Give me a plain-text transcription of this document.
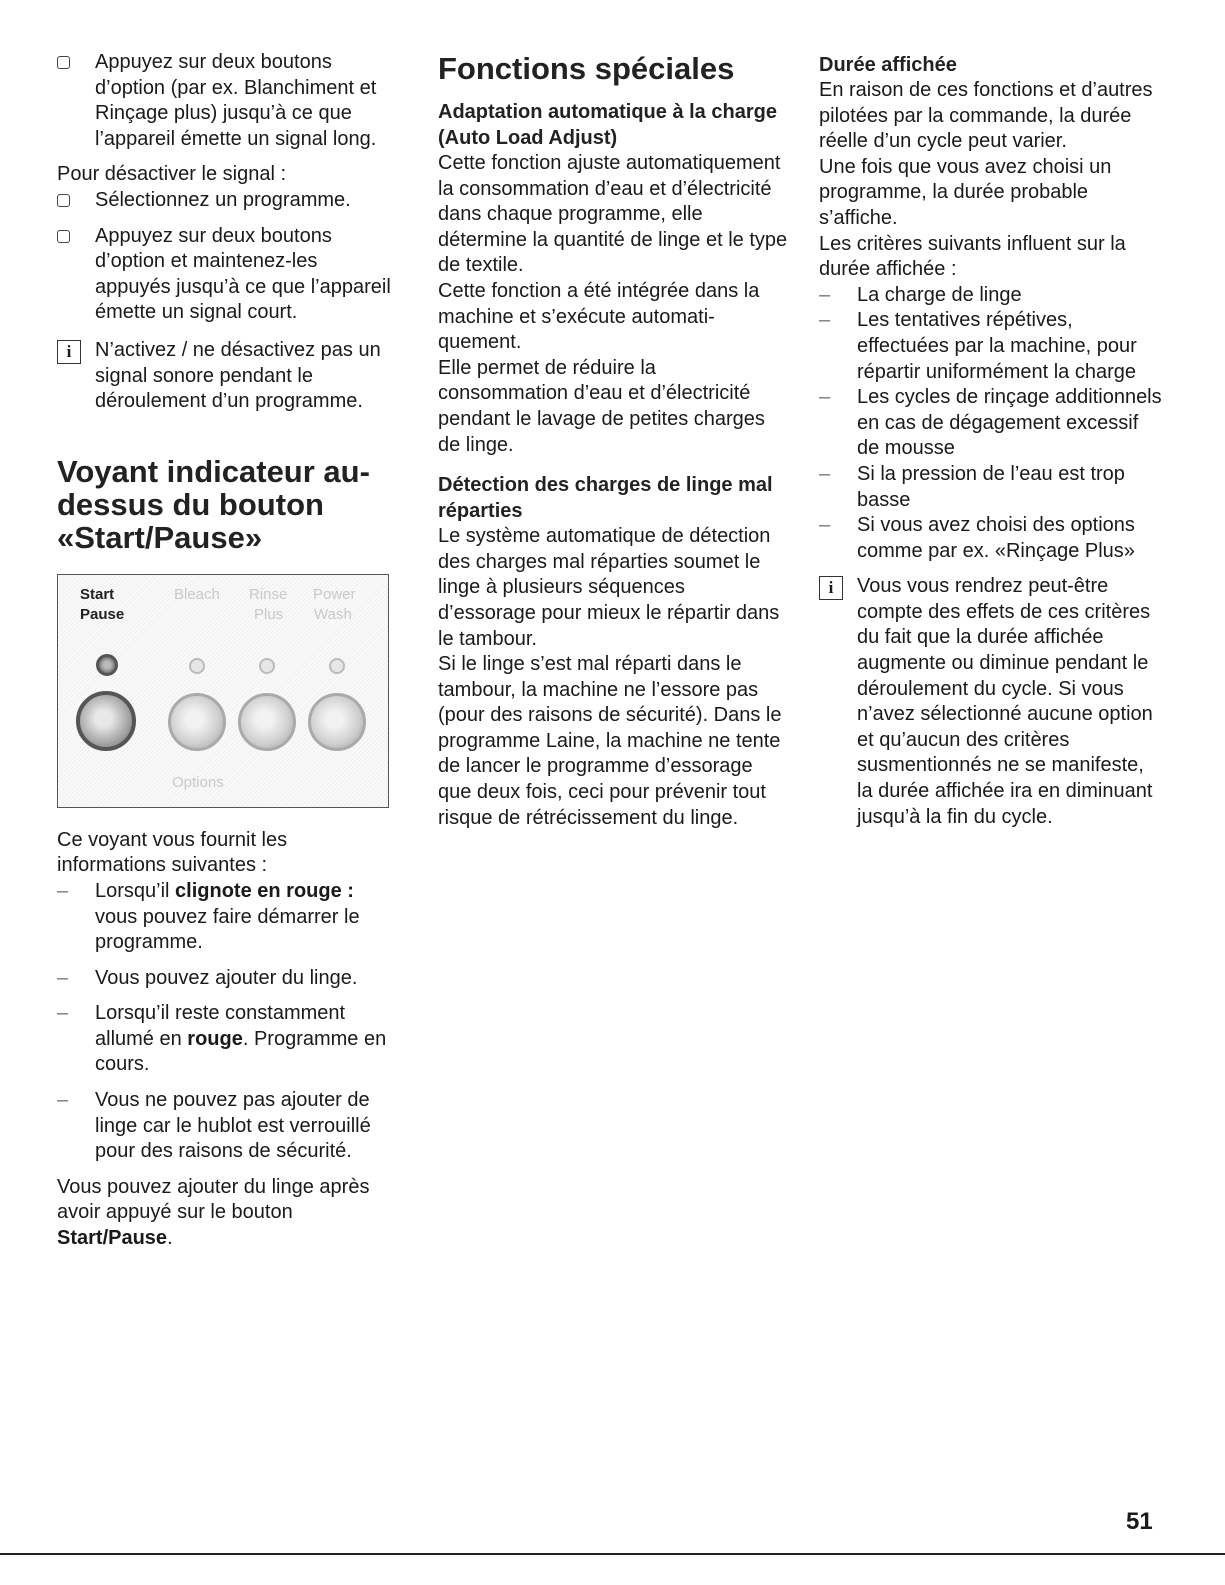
Appuyez sur deux boutons d’option (par ex. Blanchiment et Rinçage plus) jusqu’à ce que l’appareil émette un signal long.

Pour désactiver le signal :

Sélectionnez un programme.
Appuyez sur deux boutons d’option et maintenez-les appuyés jusqu’à ce que l’appareil émette un signal court.
i	N’activez / ne désactivez pas un signal sonore pendant le déroulement d’un programme.
Voyant indicateur au-dessus du bouton «Start/Pause»
Start
Pause
Bleach Rinse
Plus
Power
Wash
Options

Ce voyant vous fournit les informations suivantes :

– Lorsqu’il clignote en rouge : vous pouvez faire démarrer le programme.
– Vous pouvez ajouter du linge.
– Lorsqu’il reste constamment allumé en rouge. Programme en cours.
– Vous ne pouvez pas ajouter de linge car le hublot est verrouillé pour des raisons de sécurité.

Vous pouvez ajouter du linge après avoir appuyé sur le bouton Start/Pause.

Fonctions spéciales
Adaptation automatique à la charge (Auto Load Adjust)

Cette fonction ajuste automatiquement la consommation d’eau et d’électricité dans chaque programme, elle détermine la quantité de linge et le type de textile.

Cette fonction a été intégrée dans la machine et s’exécute automati- quement.

Elle permet de réduire la consommation d’eau et d’électricité pendant le lavage de petites charges de linge.

Détection des charges de linge mal réparties

Le système automatique de détection des charges mal réparties soumet le linge à plusieurs séquences d’essorage pour mieux le répartir dans le tambour.

Si le linge s’est mal réparti dans le tambour, la machine ne l’essore pas (pour des raisons de sécurité). Dans le programme Laine, la machine ne tente de lancer le programme d’essorage que deux fois, ceci pour prévenir tout risque de rétrécissement du linge.

Durée affichée

En raison de ces fonctions et d’autres pilotées par la commande, la durée réelle d’un cycle peut varier.

Une fois que vous avez choisi un programme, la durée probable s’affiche.

Les critères suivants influent sur la durée affichée :

– La charge de linge
– Les tentatives répétives, effectuées par la machine, pour répartir uniformément la charge
– Les cycles de rinçage additionnels en cas de dégagement excessif de mousse
– Si la pression de l’eau est trop basse
– Si vous avez choisi des options comme par ex. «Rinçage Plus»
i	Vous vous rendrez peut-être compte des effets de ces critères du fait que la durée affichée augmente ou diminue pendant le déroulement du cycle. Si vous n’avez sélectionné aucune option et qu’aucun des critères susmentionnés ne se manifeste, la durée affichée ira en diminuant jusqu’à la fin du cycle.
51
